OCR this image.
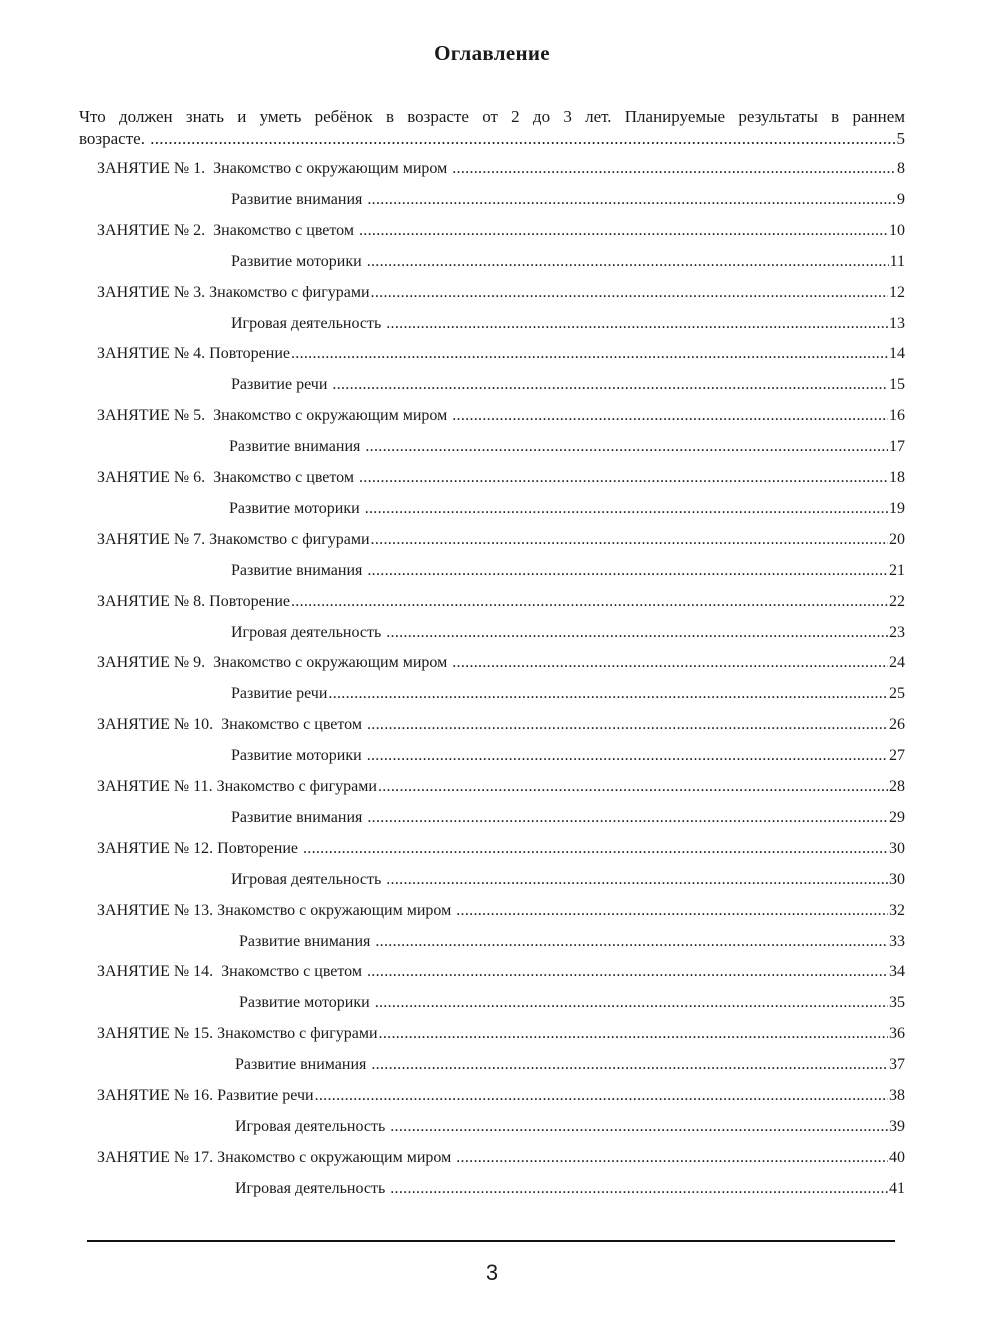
Оглавление
Что должен знать и уметь ребёнок в возрасте от 2 до 3 лет. Планируемые результаты в раннем
возрасте. .....	5
ЗАНЯТИЕ № 1.  Знакомство с окружающим миром .....	8
Развитие внимания .....	9
ЗАНЯТИЕ № 2.  Знакомство с цветом .....	10
Развитие моторики .....	11
ЗАНЯТИЕ № 3. Знакомство с фигурами .....	12
Игровая деятельность .....	13
ЗАНЯТИЕ № 4. Повторение .....	14
Развитие речи .....	15
ЗАНЯТИЕ № 5.  Знакомство с окружающим миром .....	16
Развитие внимания .....	17
ЗАНЯТИЕ № 6.  Знакомство с цветом .....	18
Развитие моторики .....	19
ЗАНЯТИЕ № 7. Знакомство с фигурами .....	20
Развитие внимания .....	21
ЗАНЯТИЕ № 8. Повторение .....	22
Игровая деятельность .....	23
ЗАНЯТИЕ № 9.  Знакомство с окружающим миром .....	24
Развитие речи .....	25
ЗАНЯТИЕ № 10.  Знакомство с цветом .....	26
Развитие моторики .....	27
ЗАНЯТИЕ № 11. Знакомство с фигурами .....	28
Развитие внимания .....	29
ЗАНЯТИЕ № 12. Повторение .....	30
Игровая деятельность .....	30
ЗАНЯТИЕ № 13. Знакомство с окружающим миром .....	32
Развитие внимания .....	33
ЗАНЯТИЕ № 14.  Знакомство с цветом .....	34
Развитие моторики .....	35
ЗАНЯТИЕ № 15. Знакомство с фигурами .....	36
Развитие внимания .....	37
ЗАНЯТИЕ № 16. Развитие речи .....	38
Игровая деятельность .....	39
ЗАНЯТИЕ № 17. Знакомство с окружающим миром .....	40
Игровая деятельность .....	41
3
